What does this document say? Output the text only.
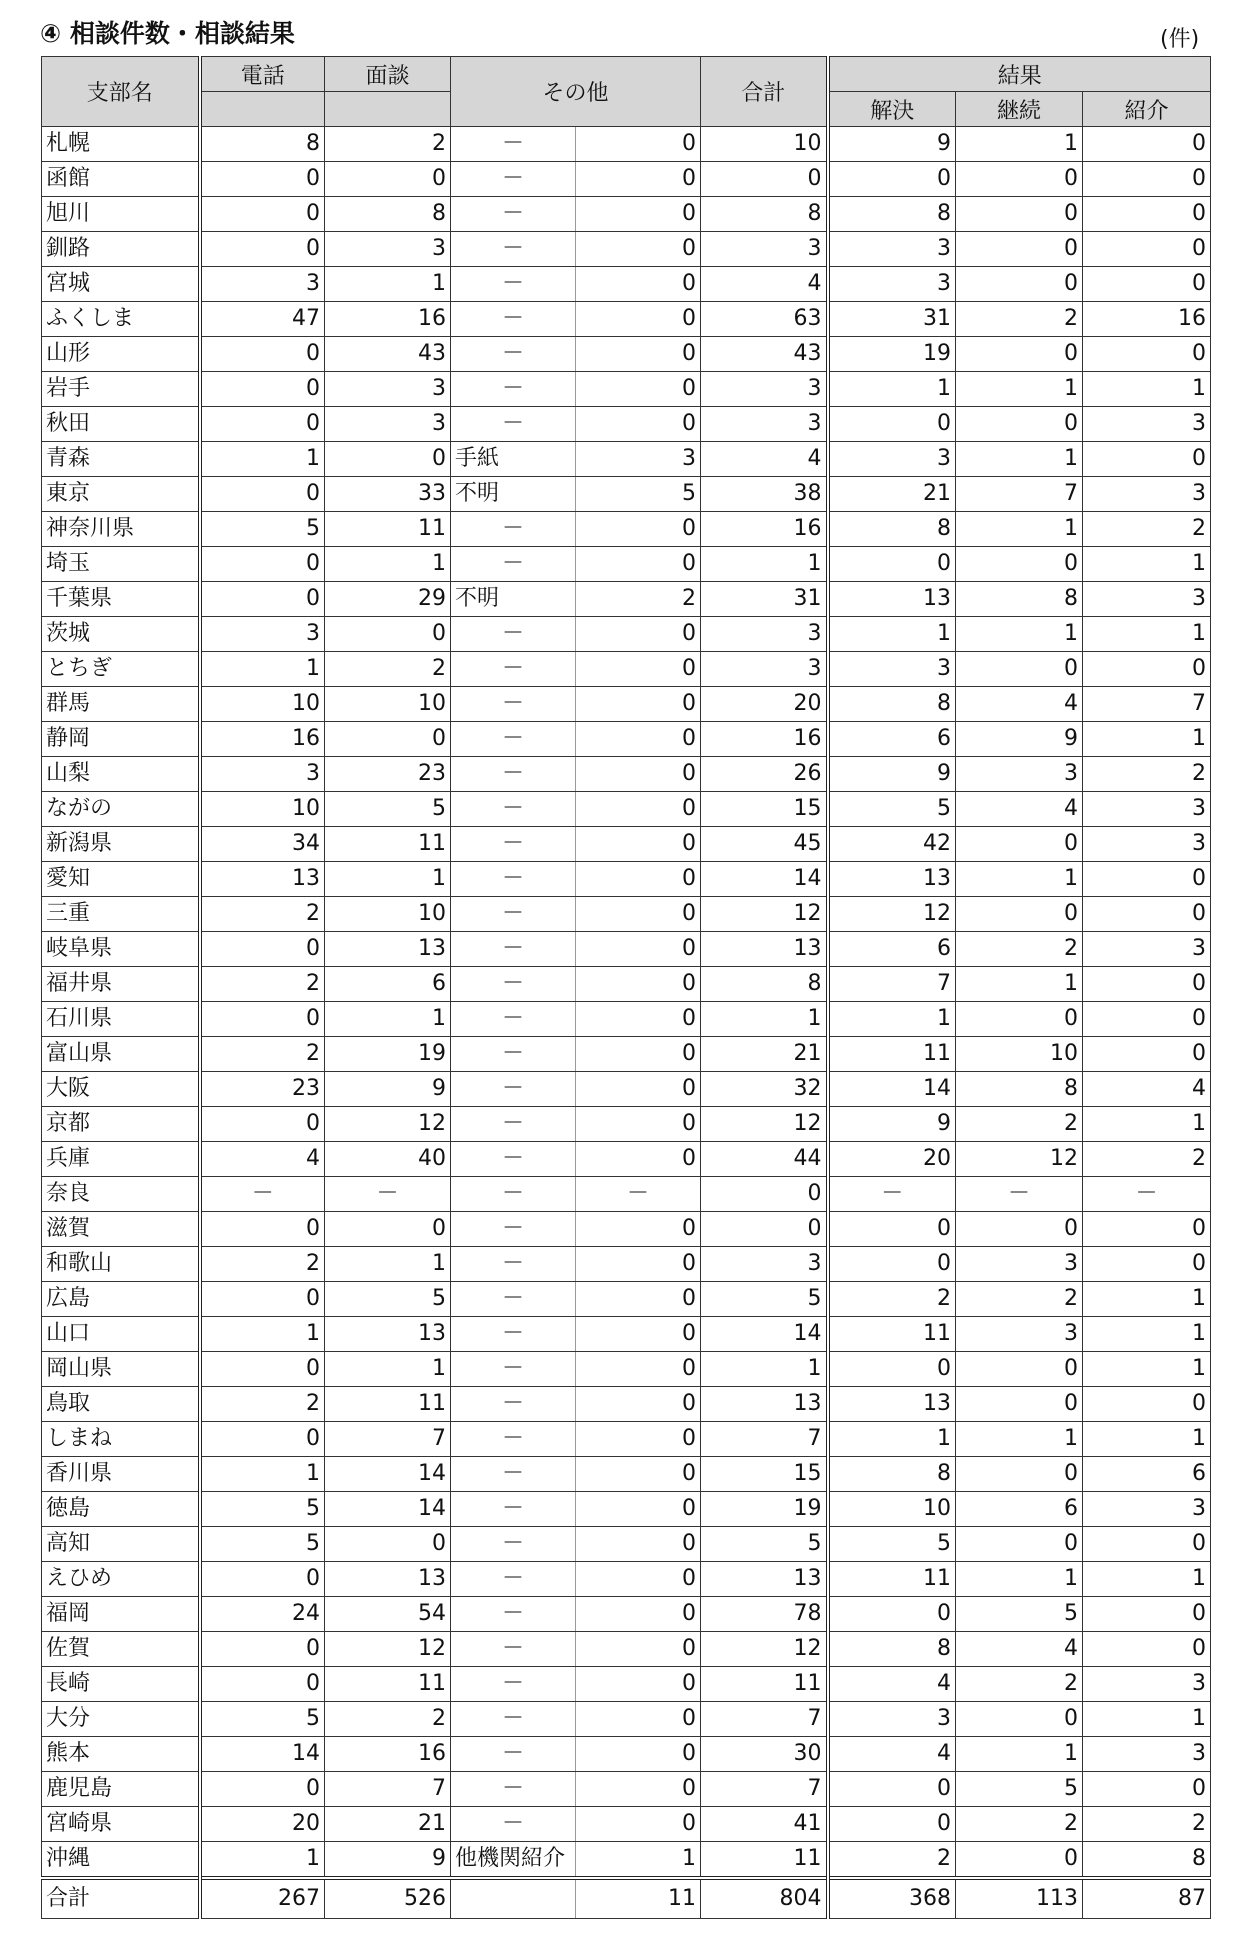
④ 相談件数・相談結果	(件)
支部名	電話	面談	その他		合計	結果		
						解決	継続	紹介
札幌	8	2	－	0	10	9	1	0
函館	0	0	－	0	0	0	0	0
旭川	0	8	－	0	8	8	0	0
釧路	0	3	－	0	3	3	0	0
宮城	3	1	－	0	4	3	0	0
ふくしま	47	16	－	0	63	31	2	16
山形	0	43	－	0	43	19	0	0
岩手	0	3	－	0	3	1	1	1
秋田	0	3	－	0	3	0	0	3
青森	1	0	手紙	3	4	3	1	0
東京	0	33	不明	5	38	21	7	3
神奈川県	5	11	－	0	16	8	1	2
埼玉	0	1	－	0	1	0	0	1
千葉県	0	29	不明	2	31	13	8	3
茨城	3	0	－	0	3	1	1	1
とちぎ	1	2	－	0	3	3	0	0
群馬	10	10	－	0	20	8	4	7
静岡	16	0	－	0	16	6	9	1
山梨	3	23	－	0	26	9	3	2
ながの	10	5	－	0	15	5	4	3
新潟県	34	11	－	0	45	42	0	3
愛知	13	1	－	0	14	13	1	0
三重	2	10	－	0	12	12	0	0
岐阜県	0	13	－	0	13	6	2	3
福井県	2	6	－	0	8	7	1	0
石川県	0	1	－	0	1	1	0	0
富山県	2	19	－	0	21	11	10	0
大阪	23	9	－	0	32	14	8	4
京都	0	12	－	0	12	9	2	1
兵庫	4	40	－	0	44	20	12	2
奈良	－	－	－	－	0	－	－	－
滋賀	0	0	－	0	0	0	0	0
和歌山	2	1	－	0	3	0	3	0
広島	0	5	－	0	5	2	2	1
山口	1	13	－	0	14	11	3	1
岡山県	0	1	－	0	1	0	0	1
鳥取	2	11	－	0	13	13	0	0
しまね	0	7	－	0	7	1	1	1
香川県	1	14	－	0	15	8	0	6
徳島	5	14	－	0	19	10	6	3
高知	5	0	－	0	5	5	0	0
えひめ	0	13	－	0	13	11	1	1
福岡	24	54	－	0	78	0	5	0
佐賀	0	12	－	0	12	8	4	0
長崎	0	11	－	0	11	4	2	3
大分	5	2	－	0	7	3	0	1
熊本	14	16	－	0	30	4	1	3
鹿児島	0	7	－	0	7	0	5	0
宮崎県	20	21	－	0	41	0	2	2
沖縄	1	9	他機関紹介	1	11	2	0	8
合計	267	526		11	804	368	113	87
